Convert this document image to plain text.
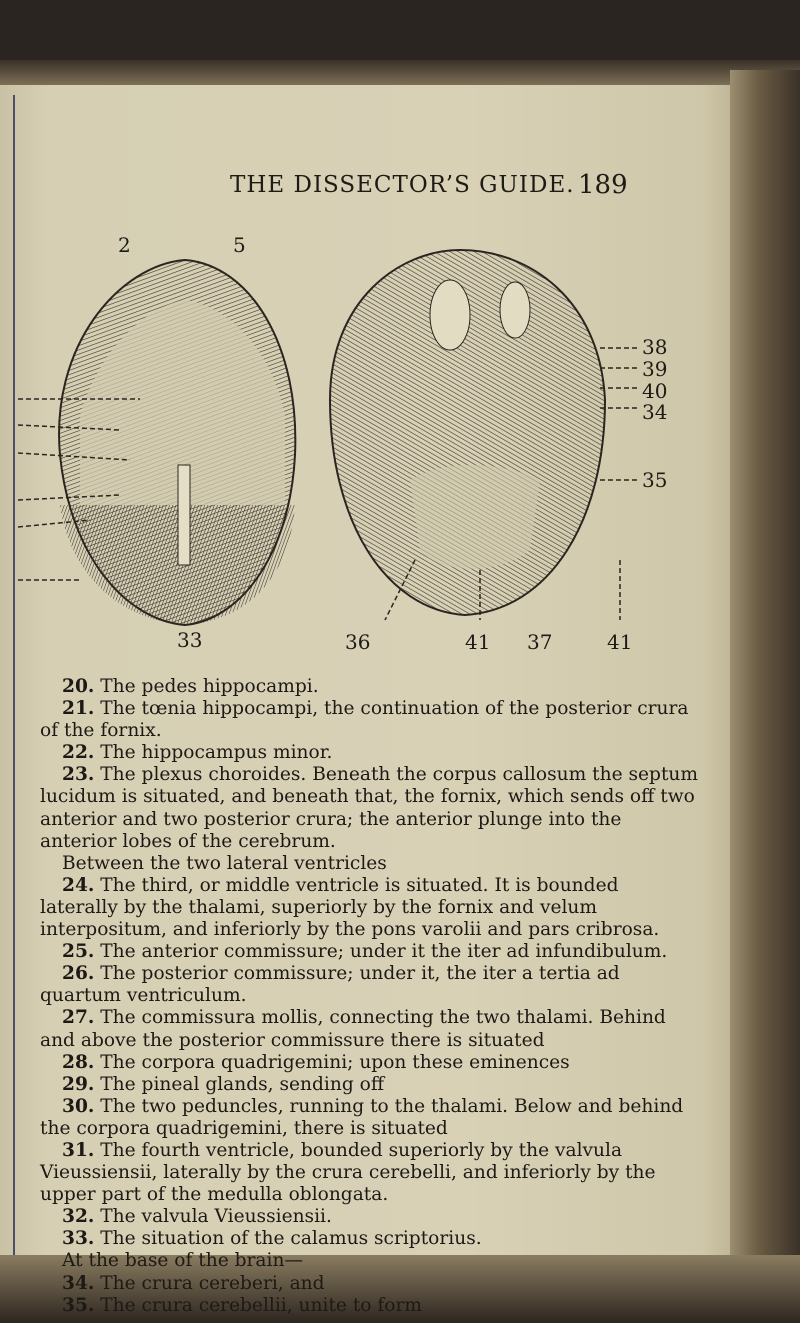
THE DISSECTOR’S GUIDE. 189
2	5
33	36	41 37	41
38
39
40
34
35

20. The pedes hippocampi.

21. The tœnia hippocampi, the continuation of the posterior crura of the fornix.

22. The hippocampus minor.

23. The plexus choroides. Beneath the corpus callosum the septum lucidum is situated, and beneath that, the fornix, which sends off two anterior and two posterior crura; the anterior plunge into the anterior lobes of the cerebrum.

Between the two lateral ventricles

24. The third, or middle ventricle is situated. It is bounded laterally by the thalami, superiorly by the fornix and velum interpositum, and inferiorly by the pons varolii and pars cribrosa.

25. The anterior commissure; under it the iter ad infundibulum.

26. The posterior commissure; under it, the iter a tertia ad quartum ventriculum.

27. The commissura mollis, connecting the two thalami. Behind and above the posterior commissure there is situated

28. The corpora quadrigemini; upon these eminences

29. The pineal glands, sending off

30. The two peduncles, running to the thalami. Below and behind the corpora quadrigemini, there is situated

31. The fourth ventricle, bounded superiorly by the valvula Vieussiensii, laterally by the crura cerebelli, and inferiorly by the upper part of the medulla oblongata.

32. The valvula Vieussiensii.

33. The situation of the calamus scriptorius.

At the base of the brain—

34. The crura cereberi, and

35. The crura cerebellii, unite to form
